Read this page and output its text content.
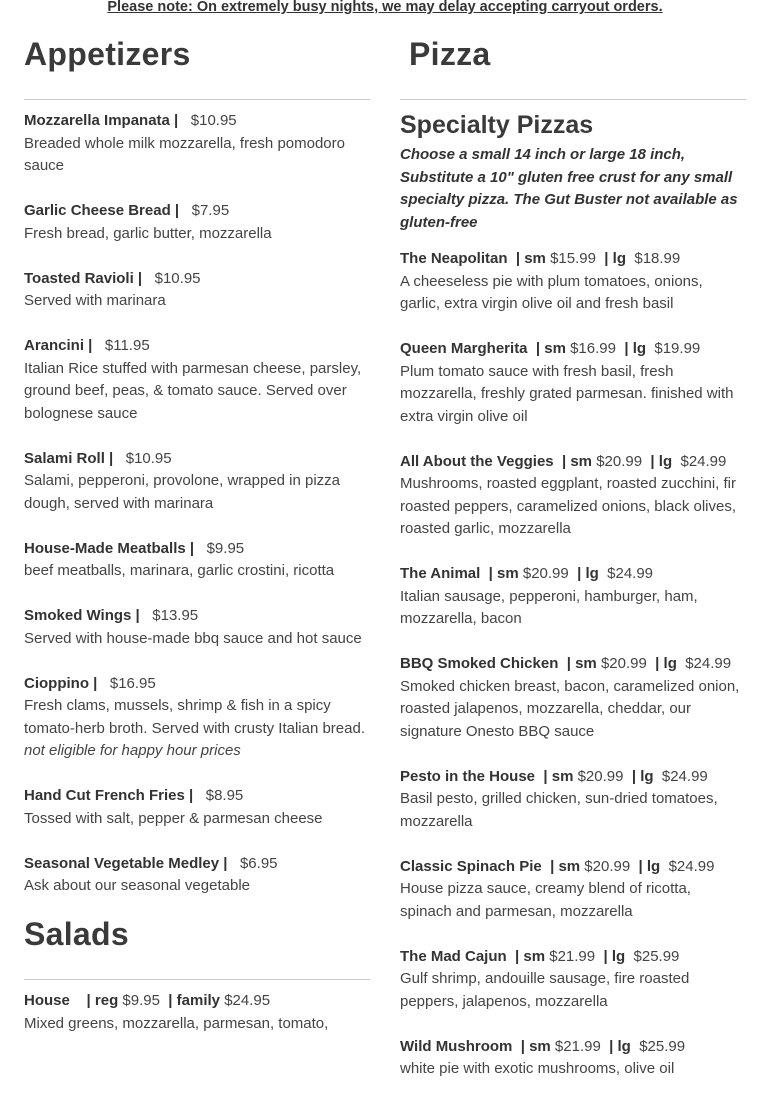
Please note: On extremely busy nights, we may delay accepting carryout orders.
Appetizers
Mozzarella Impanata |   $10.95
Breaded whole milk mozzarella, fresh pomodoro sauce
Garlic Cheese Bread |   $7.95
Fresh bread, garlic butter, mozzarella
Toasted Ravioli |   $10.95
Served with marinara
Arancini |   $11.95
Italian Rice stuffed with parmesan cheese, parsley, ground beef, peas, & tomato sauce. Served over bolognese sauce
Salami Roll |   $10.95
Salami, pepperoni, provolone, wrapped in pizza dough, served with marinara
House-Made Meatballs |   $9.95
beef meatballs, marinara, garlic crostini, ricotta
Smoked Wings |   $13.95
Served with house-made bbq sauce and hot sauce
Cioppino |   $16.95
Fresh clams, mussels, shrimp & fish in a spicy tomato-herb broth. Served with crusty Italian bread.
not eligible for happy hour prices
Hand Cut French Fries |   $8.95
Tossed with salt, pepper & parmesan cheese
Seasonal Vegetable Medley |   $6.95
Ask about our seasonal vegetable
Salads
House    | reg $9.95  | family $24.95
Mixed greens, mozzarella, parmesan, tomato,
Pizza
Specialty Pizzas
Choose a small 14 inch or large 18 inch, Substitute a 10" gluten free crust for any small specialty pizza. The Gut Buster not available as gluten-free
The Neapolitan  | sm $15.99  | lg $18.99
A cheeseless pie with plum tomatoes, onions, garlic, extra virgin olive oil and fresh basil
Queen Margherita  | sm $16.99  | lg $19.99
Plum tomato sauce with fresh basil, fresh mozzarella, freshly grated parmesan. finished with extra virgin olive oil
All About the Veggies  | sm $20.99  | lg $24.99
Mushrooms, roasted eggplant, roasted zucchini, fir roasted peppers, caramelized onions, black olives, roasted garlic, mozzarella
The Animal  | sm $20.99  | lg $24.99
Italian sausage, pepperoni, hamburger, ham, mozzarella, bacon
BBQ Smoked Chicken  | sm $20.99  | lg $24.99
Smoked chicken breast, bacon, caramelized onion, roasted jalapenos, mozzarella, cheddar, our signature Onesto BBQ sauce
Pesto in the House  | sm $20.99  | lg $24.99
Basil pesto, grilled chicken, sun-dried tomatoes, mozzarella
Classic Spinach Pie  | sm $20.99  | lg $24.99
House pizza sauce, creamy blend of ricotta, spinach and parmesan, mozzarella
The Mad Cajun  | sm $21.99  | lg $25.99
Gulf shrimp, andouille sausage, fire roasted peppers, jalapenos, mozzarella
Wild Mushroom  | sm $21.99  | lg $25.99
white pie with exotic mushrooms, olive oil
